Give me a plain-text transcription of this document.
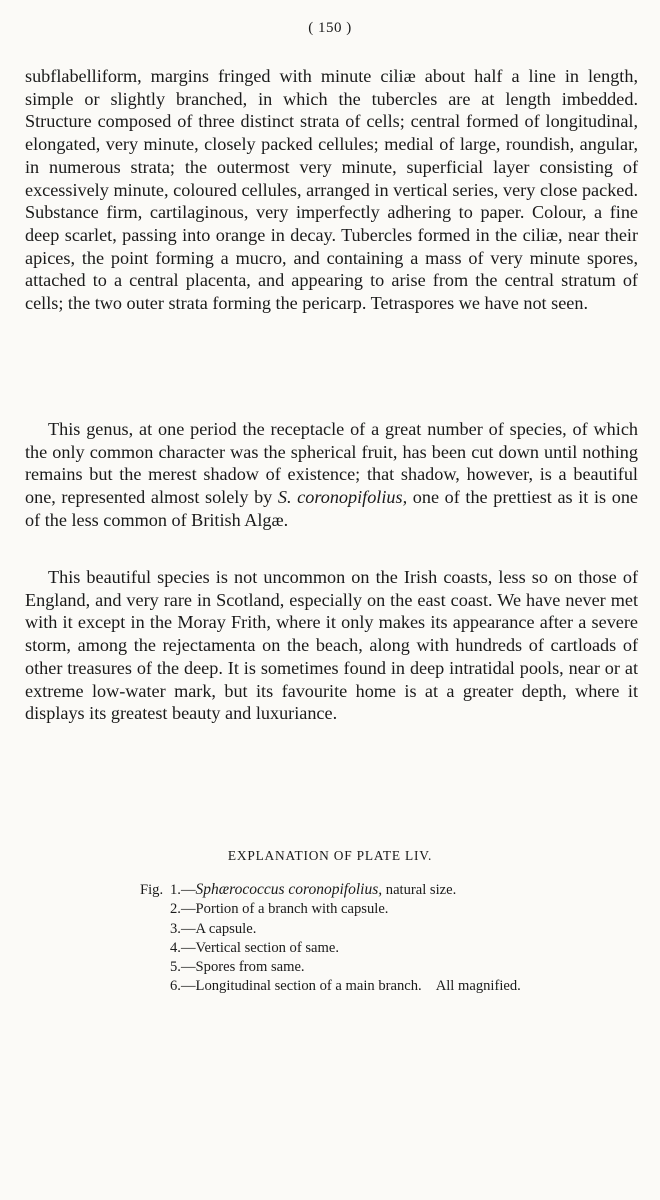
( 150 )

subflabelliform, margins fringed with minute ciliæ about half a line in length, simple or slightly branched, in which the tubercles are at length imbedded. Structure composed of three distinct strata of cells; central formed of longitudinal, elongated, very minute, closely packed cellules; medial of large, roundish, angular, in numerous strata; the outermost very minute, superficial layer consisting of excessively minute, coloured cellules, arranged in vertical series, very close packed. Substance firm, cartilaginous, very imperfectly adhering to paper. Colour, a fine deep scarlet, passing into orange in decay. Tubercles formed in the ciliæ, near their apices, the point forming a mucro, and containing a mass of very minute spores, attached to a central placenta, and appearing to arise from the central stratum of cells; the two outer strata forming the pericarp. Tetraspores we have not seen.

This genus, at one period the receptacle of a great number of species, of which the only common character was the spherical fruit, has been cut down until nothing remains but the merest shadow of existence; that shadow, however, is a beautiful one, represented almost solely by S. coronopifolius, one of the prettiest as it is one of the less common of British Algæ.

This beautiful species is not uncommon on the Irish coasts, less so on those of England, and very rare in Scotland, especially on the east coast. We have never met with it except in the Moray Frith, where it only makes its appearance after a severe storm, among the rejectamenta on the beach, along with hundreds of cartloads of other treasures of the deep. It is sometimes found in deep intratidal pools, near or at extreme low-water mark, but its favourite home is at a greater depth, where it displays its greatest beauty and luxuriance.

EXPLANATION OF PLATE LIV.
Fig. 1.—Sphærococcus coronopifolius, natural size.
2.—Portion of a branch with capsule.
3.—A capsule.
4.—Vertical section of same.
5.—Spores from same.
6.—Longitudinal section of a main branch. All magnified.
